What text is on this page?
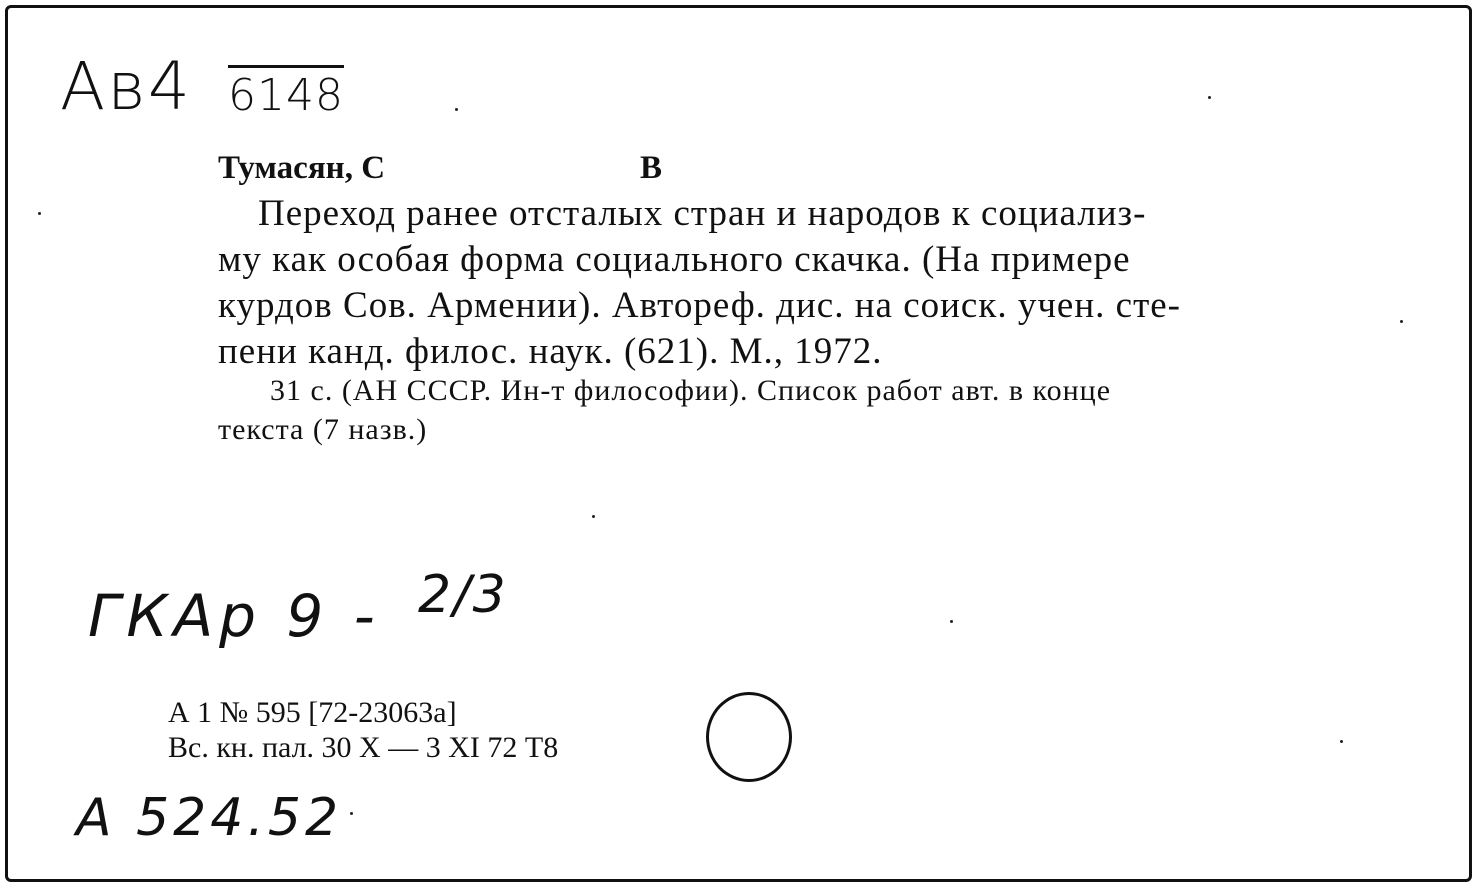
Ав4 6148
Тумасян, С	В
Переход ранее отсталых стран и народов к социализ-
му как особая форма социального скачка. (На примере
курдов Сов. Армении). Автореф. дис. на соиск. учен. сте-
пени канд. филос. наук. (621). М., 1972.
31 с. (АН СССР. Ин-т философии). Список работ авт. в конце
текста (7 назв.)
ГКАр 9 - 2/3
А 1 № 595 [72-23063а]
Вс. кн. пал. 30 X — 3 XI 72 Т8
А 524.52
